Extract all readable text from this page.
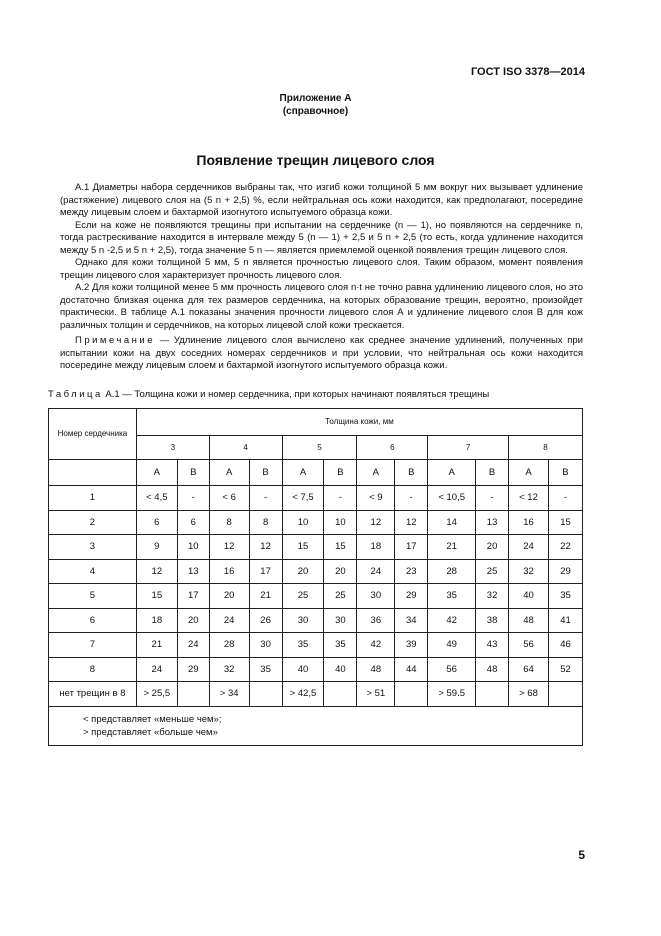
ГОСТ ISO 3378—2014
Приложение А
(справочное)
Появление трещин лицевого слоя

А.1 Диаметры набора сердечников выбраны так, что изгиб кожи толщиной 5 мм вокруг них вызывает удлинение (растяжение) лицевого слоя на (5 n + 2,5) %, если нейтральная ось кожи находится, как предполагают, посередине между лицевым слоем и бахтармой изогнутого испытуемого образца кожи.

Если на коже не появляются трещины при испытании на сердечнике (n — 1), но появляются на сердечнике n, тогда растрескивание находится в интервале между 5 (n — 1) + 2,5 и 5 n + 2,5 (то есть, когда удлинение находится между 5 n -2,5 и 5 n + 2,5), тогда значение 5 n — является приемлемой оценкой появления трещин лицевого слоя.

Однако для кожи толщиной 5 мм, 5 n является прочностью лицевого слоя. Таким образом, момент появления трещин лицевого слоя характеризует прочность лицевого слоя.

А.2 Для кожи толщиной менее 5 мм прочность лицевого слоя n·t не точно равна удлинению лицевого слоя, но это достаточно близкая оценка для тех размеров сердечника, на которых образование трещин, вероятно, произойдет практически. В таблице А.1 показаны значения прочности лицевого слоя А и удлинение лицевого слоя В для кож различных толщин и сердечников, на которых лицевой слой кожи трескается.

Примечание — Удлинение лицевого слоя вычислено как среднее значение удлинений, полученных при испытании кожи на двух соседних номерах сердечников и при условии, что нейтральная ось кожи находится посередине между лицевым слоем и бахтармой изогнутого испытуемого образца кожи.

Таблица А.1 — Толщина кожи и номер сердечника, при которых начинают появляться трещины
Номер сердечника	Толщина кожи, мм											
	3		4		5		6		7		8	
	A	B	A	B	A	B	A	B	A	B	A	B
1	< 4,5	-	< 6	-	< 7,5	-	< 9	-	< 10,5	-	< 12	-
2	6	6	8	8	10	10	12	12	14	13	16	15
3	9	10	12	12	15	15	18	17	21	20	24	22
4	12	13	16	17	20	20	24	23	28	25	32	29
5	15	17	20	21	25	25	30	29	35	32	40	35
6	18	20	24	26	30	30	36	34	42	38	48	41
7	21	24	28	30	35	35	42	39	49	43	56	46
8	24	29	32	35	40	40	48	44	56	48	64	52
нет трещин в 8	> 25,5		> 34		> 42,5		> 51		> 59.5		> 68	

< представляет «меньше чем»;
> представляет «больше чем»												
5
